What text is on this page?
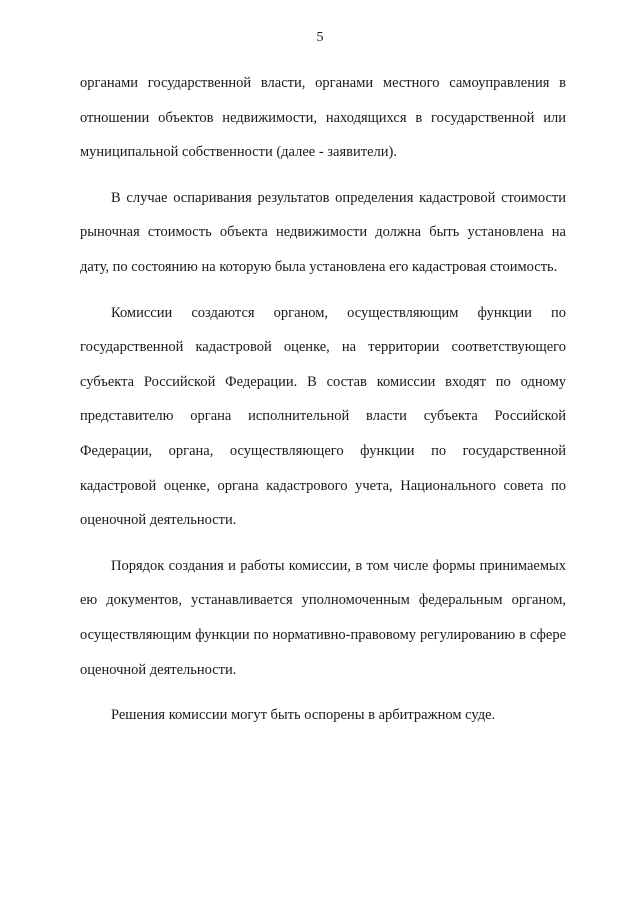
5

органами государственной власти, органами местного самоуправления в отношении объектов недвижимости, находящихся в государственной или муниципальной собственности (далее - заявители).

В случае оспаривания результатов определения кадастровой стоимости рыночная стоимость объекта недвижимости должна быть установлена на дату, по состоянию на которую была установлена его кадастровая стоимость.

Комиссии создаются органом, осуществляющим функции по государственной кадастровой оценке, на территории соответствующего субъекта Российской Федерации. В состав комиссии входят по одному представителю органа исполнительной власти субъекта Российской Федерации, органа, осуществляющего функции по государственной кадастровой оценке, органа кадастрового учета, Национального совета по оценочной деятельности.

Порядок создания и работы комиссии, в том числе формы принимаемых ею документов, устанавливается уполномоченным федеральным органом, осуществляющим функции по нормативно-правовому регулированию в сфере оценочной деятельности.

Решения комиссии могут быть оспорены в арбитражном суде.
